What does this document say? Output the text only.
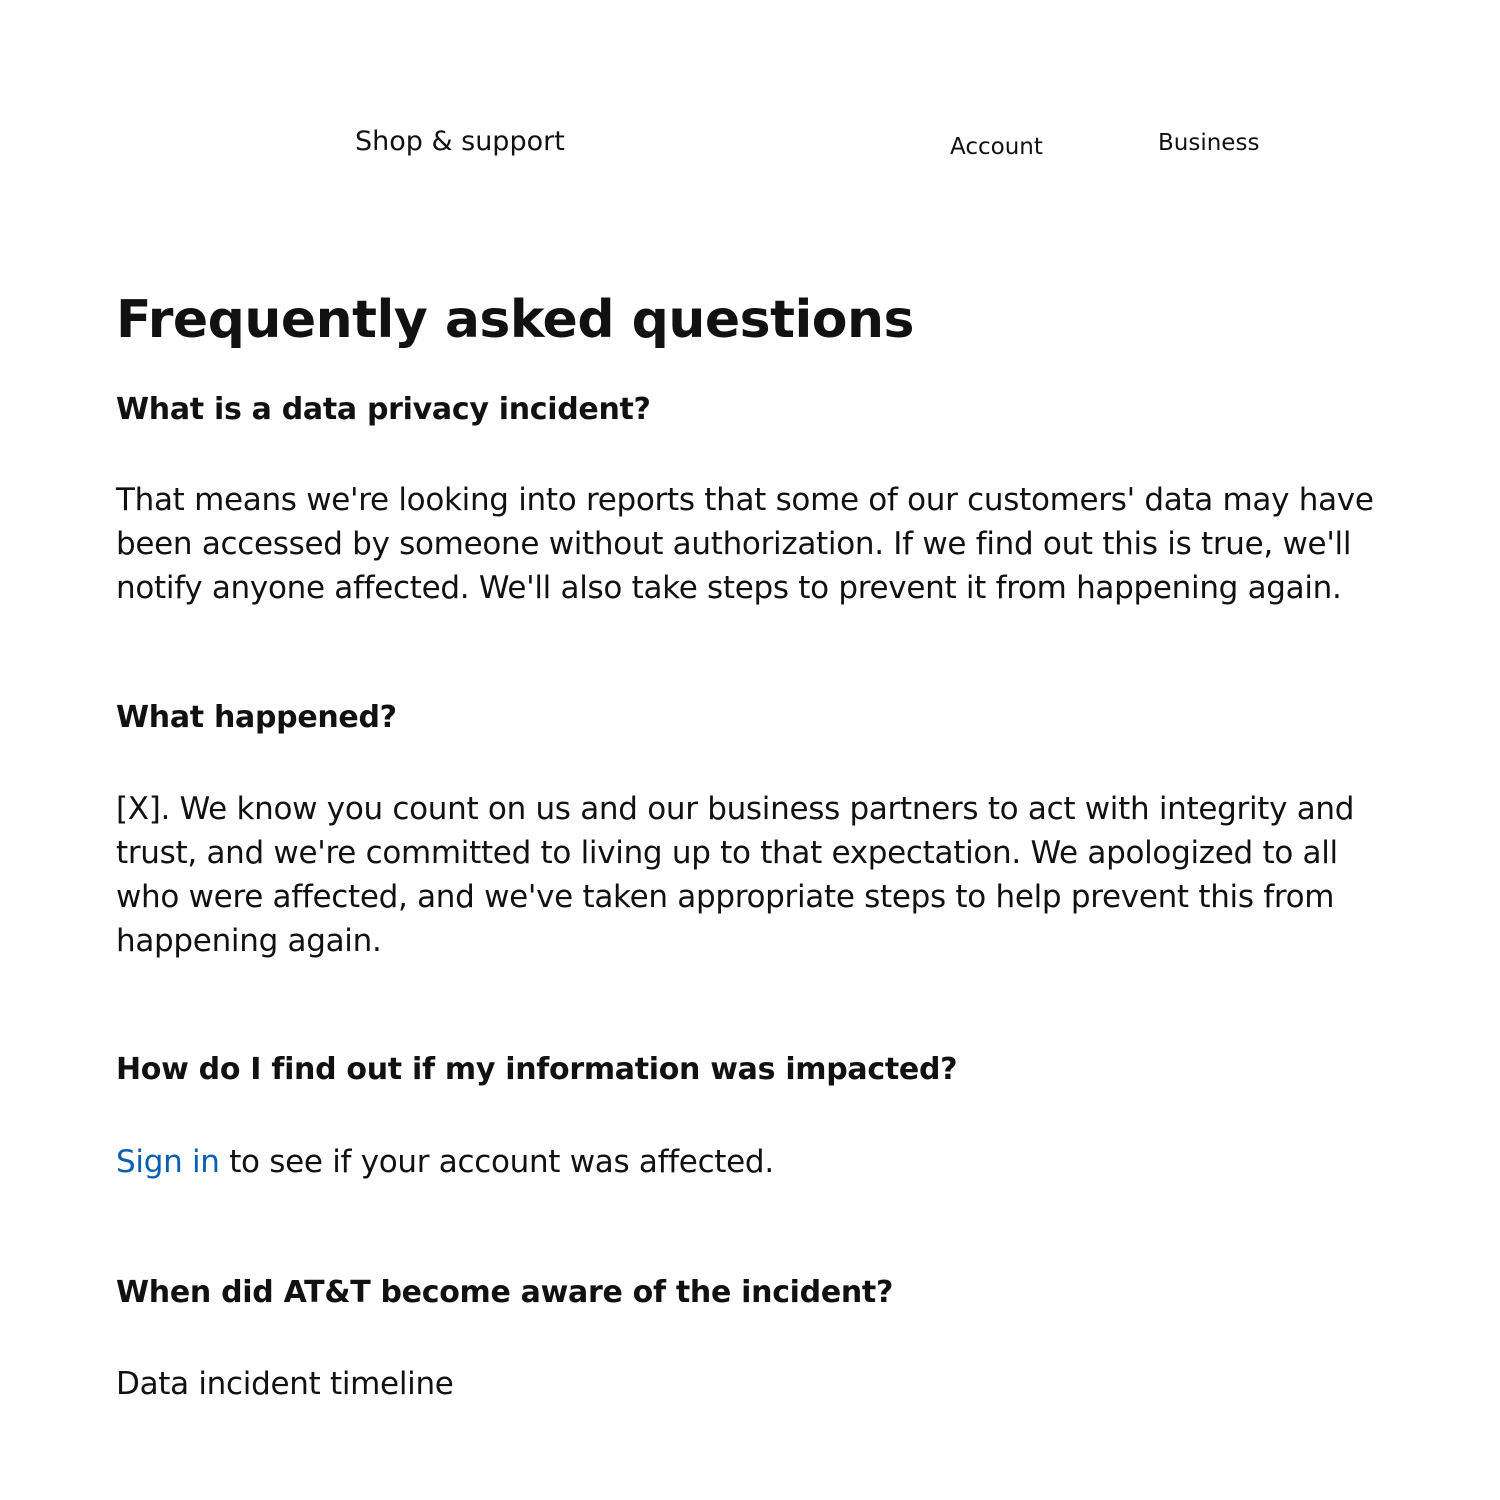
Shop & support	Account	Business
Frequently asked questions
What is a data privacy incident?

That means we're looking into reports that some of our customers' data may have been accessed by someone without authorization. If we find out this is true, we'll notify anyone affected. We'll also take steps to prevent it from happening again.

What happened?

[X]. We know you count on us and our business partners to act with integrity and trust, and we're committed to living up to that expectation. We apologized to all who were affected, and we've taken appropriate steps to help prevent this from happening again.

How do I find out if my information was impacted?

Sign in to see if your account was affected.

When did AT&T become aware of the incident?

Data incident timeline
